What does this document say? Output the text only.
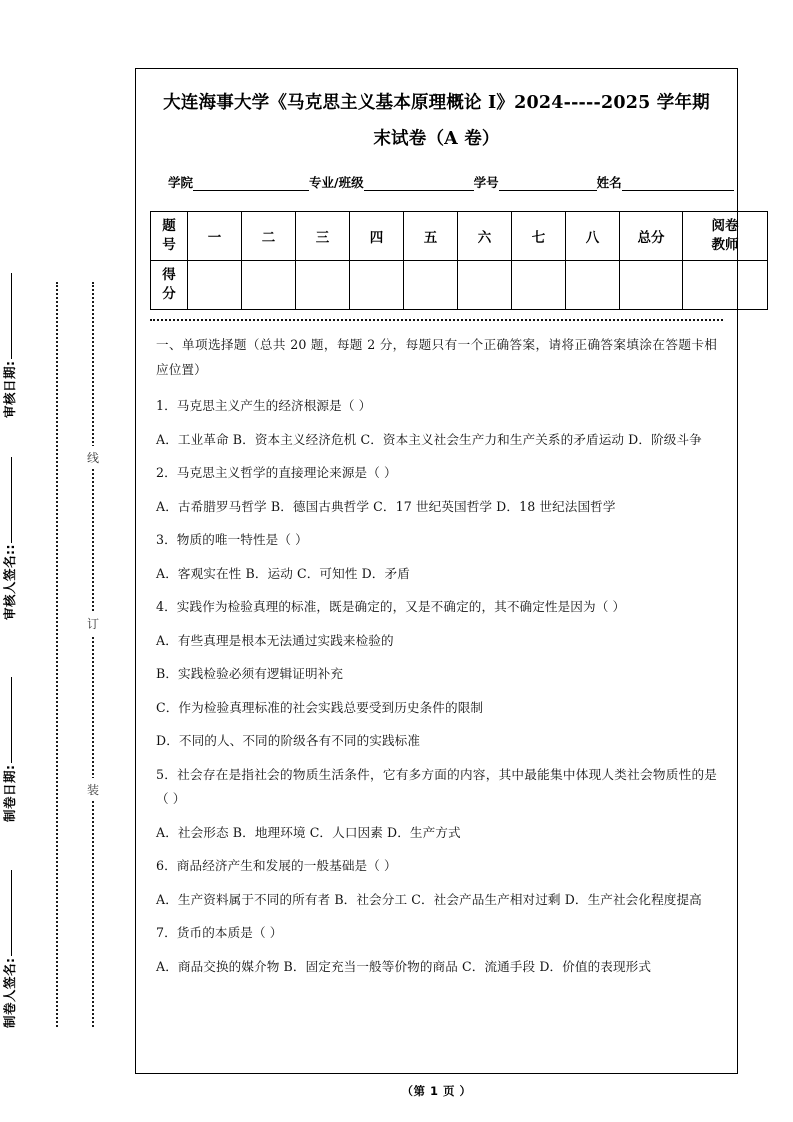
审核日期:
审核人签名::
制卷日期:
制卷人签名:
线
订
装
大连海事大学《马克思主义基本原理概论 I》2024-----2025 学年期
末试卷（A 卷）
学院	专业/班级	学号	姓名
题
号	一	二	三	四	五	六	七	八	总分	阅卷
教师

得
分										

一、单项选择题（总共 20 题，每题 2 分，每题只有一个正确答案，请将正确答案填涂在答题卡相应位置）

1．马克思主义产生的经济根源是（ ）

A．工业革命 B．资本主义经济危机 C．资本主义社会生产力和生产关系的矛盾运动 D．阶级斗争

2．马克思主义哲学的直接理论来源是（ ）

A．古希腊罗马哲学 B．德国古典哲学 C．17 世纪英国哲学 D．18 世纪法国哲学

3．物质的唯一特性是（ ）

A．客观实在性 B．运动 C．可知性 D．矛盾

4．实践作为检验真理的标准，既是确定的，又是不确定的，其不确定性是因为（ ）

A．有些真理是根本无法通过实践来检验的

B．实践检验必须有逻辑证明补充

C．作为检验真理标准的社会实践总要受到历史条件的限制

D．不同的人、不同的阶级各有不同的实践标准

5．社会存在是指社会的物质生活条件，它有多方面的内容，其中最能集中体现人类社会物质性的是（ ）

A．社会形态 B．地理环境 C．人口因素 D．生产方式

6．商品经济产生和发展的一般基础是（ ）

A．生产资料属于不同的所有者 B．社会分工 C．社会产品生产相对过剩 D．生产社会化程度提高

7．货币的本质是（ ）

A．商品交换的媒介物 B．固定充当一般等价物的商品 C．流通手段 D．价值的表现形式

（第 1 页 ）
